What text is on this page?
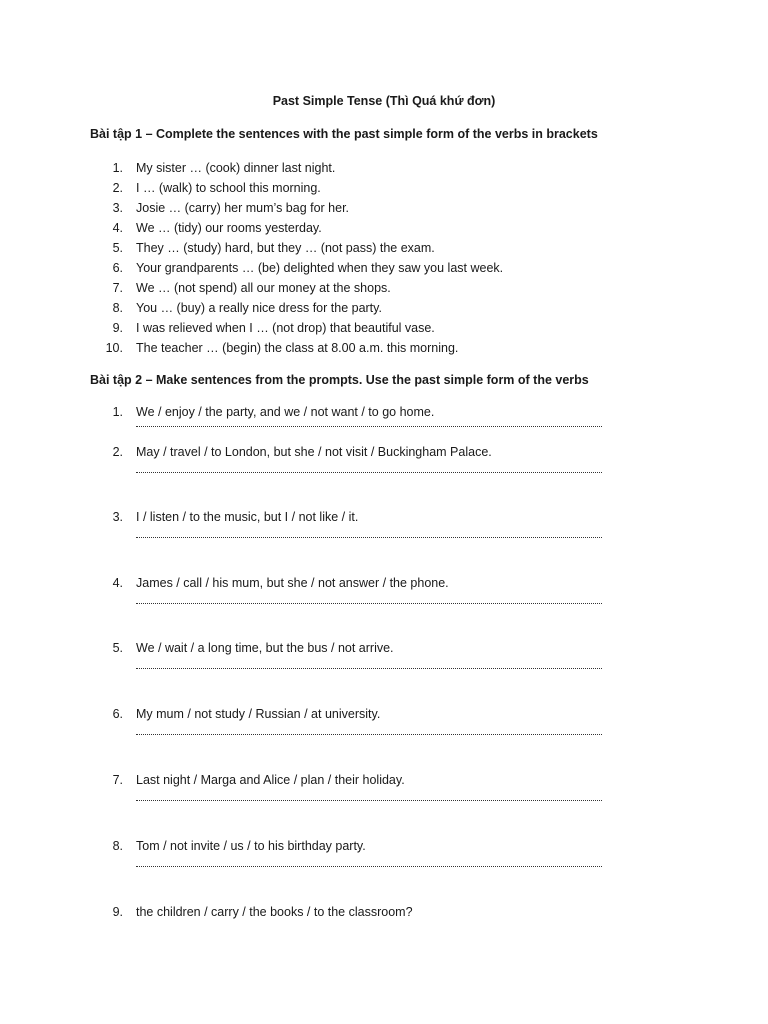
Past Simple Tense (Thì Quá khứ đơn)
Bài tập 1 – Complete the sentences with the past simple form of the verbs in brackets
1. My sister … (cook) dinner last night.
2. I … (walk) to school this morning.
3. Josie … (carry) her mum’s bag for her.
4. We … (tidy) our rooms yesterday.
5. They … (study) hard, but they … (not pass) the exam.
6. Your grandparents … (be) delighted when they saw you last week.
7. We … (not spend) all our money at the shops.
8. You … (buy) a really nice dress for the party.
9. I was relieved when I … (not drop) that beautiful vase.
10. The teacher … (begin) the class at 8.00 a.m. this morning.
Bài tập 2 – Make sentences from the prompts. Use the past simple form of the verbs
1. We / enjoy / the party, and we / not want / to go home.
2. May / travel / to London, but she / not visit / Buckingham Palace.
3. I / listen / to the music, but I / not like / it.
4. James / call / his mum, but she / not answer / the phone.
5. We / wait / a long time, but the bus / not arrive.
6. My mum / not study / Russian / at university.
7. Last night / Marga and Alice / plan / their holiday.
8. Tom / not invite / us / to his birthday party.
9. the children / carry / the books / to the classroom?
